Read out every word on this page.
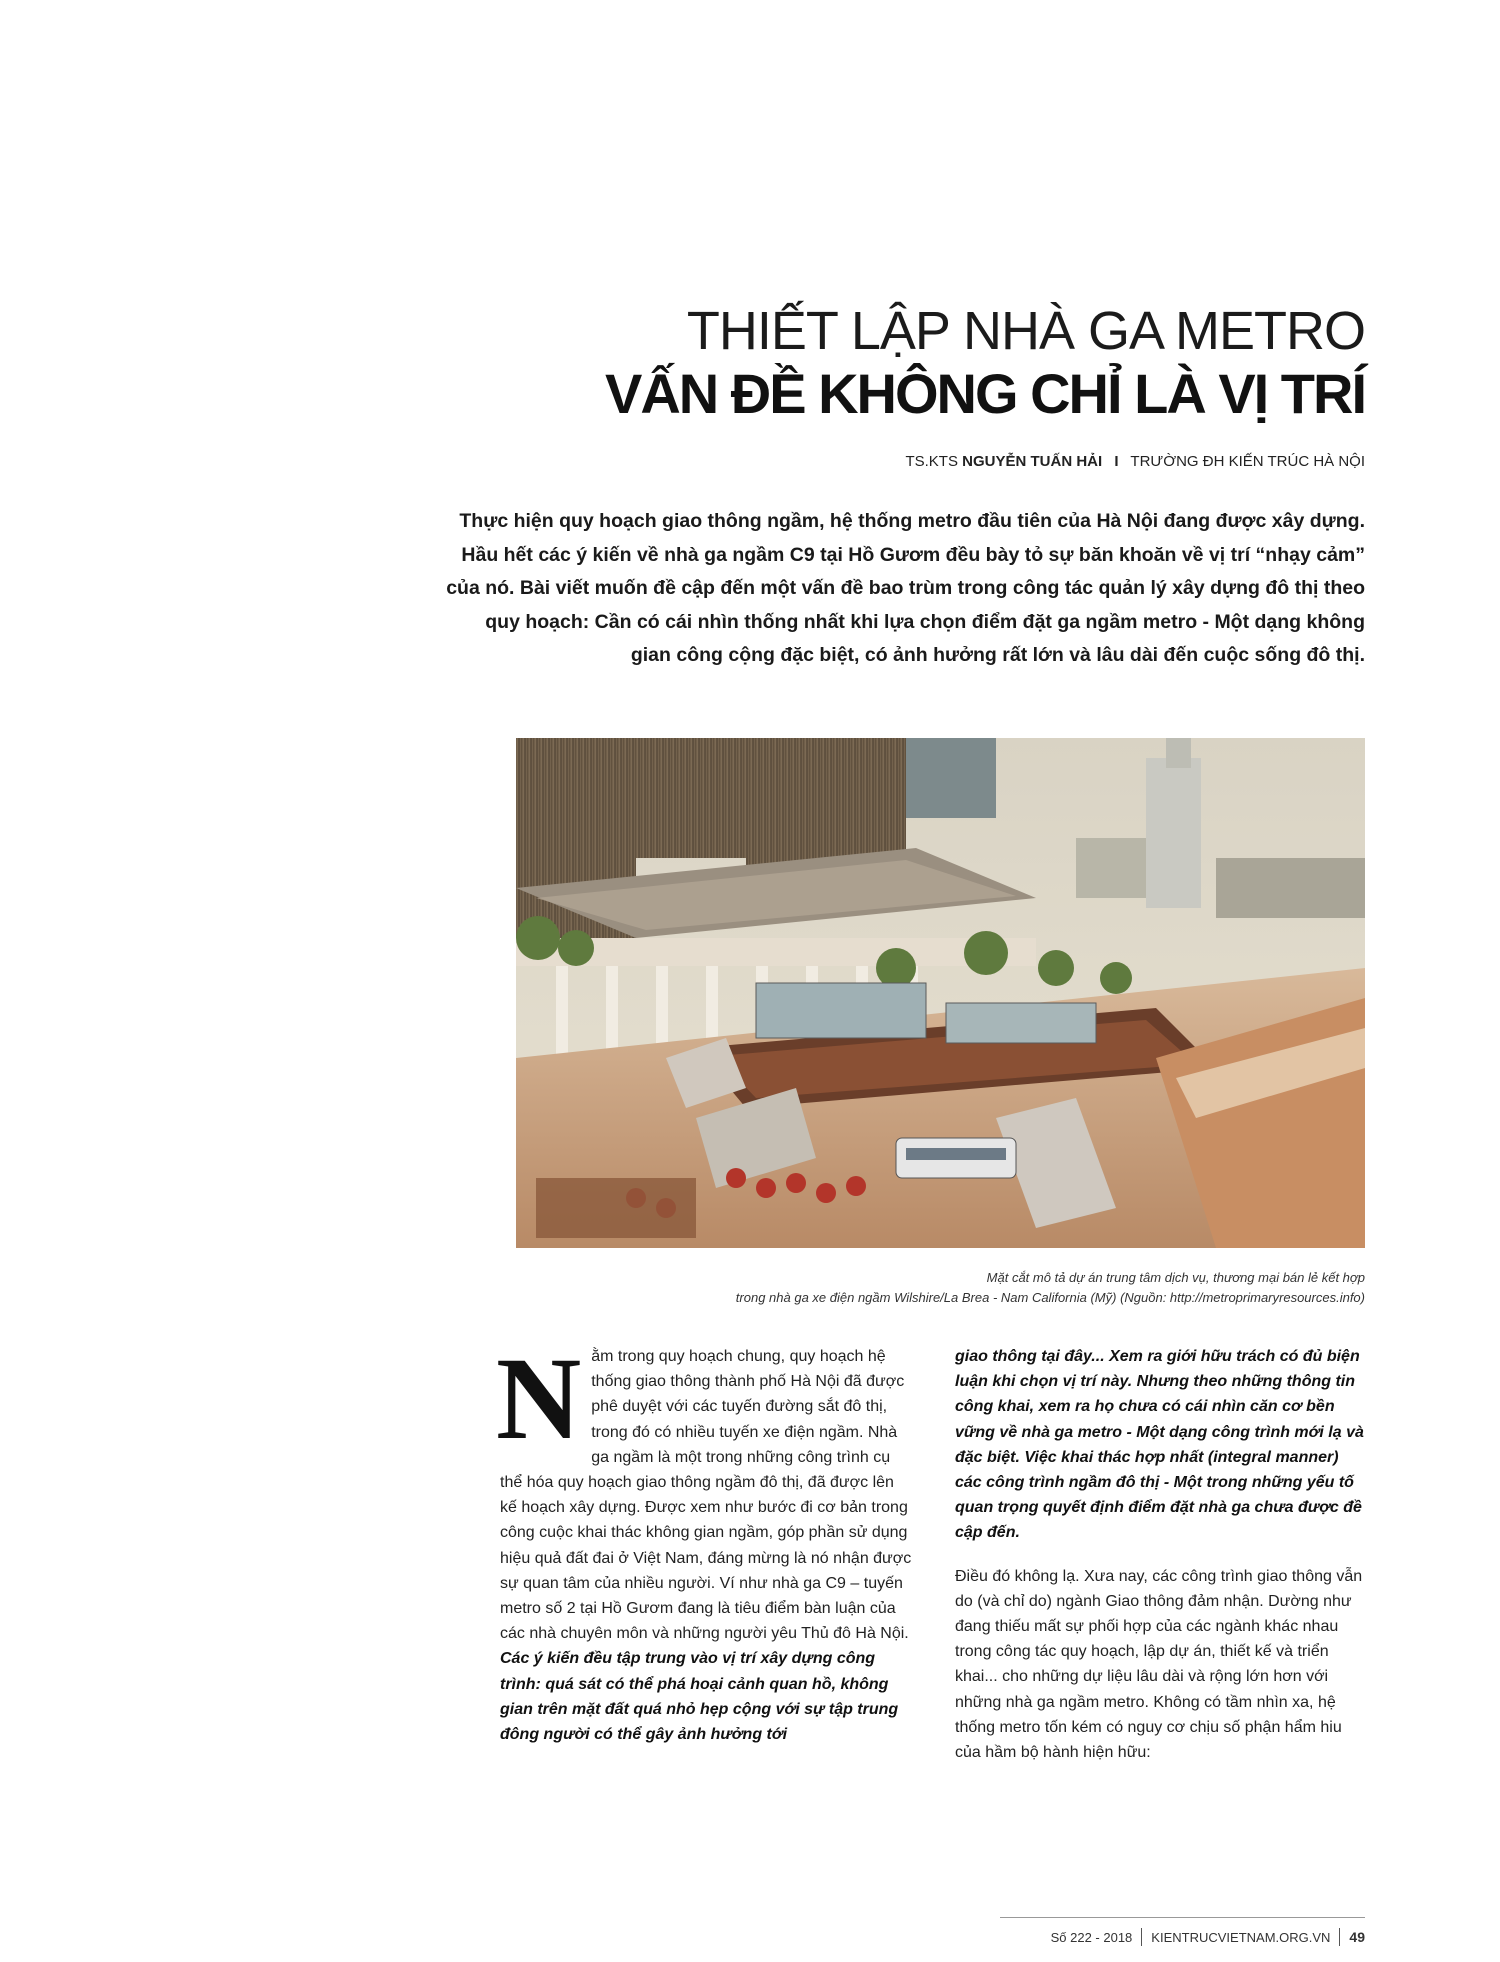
THIẾT LẬP NHÀ GA METRO
VẤN ĐỀ KHÔNG CHỈ LÀ VỊ TRÍ
TS.KTS NGUYỄN TUẤN HẢI I TRƯỜNG ĐH KIẾN TRÚC HÀ NỘI
Thực hiện quy hoạch giao thông ngầm, hệ thống metro đầu tiên của Hà Nội đang được xây dựng. Hầu hết các ý kiến về nhà ga ngầm C9 tại Hồ Gươm đều bày tỏ sự băn khoăn về vị trí “nhạy cảm” của nó. Bài viết muốn đề cập đến một vấn đề bao trùm trong công tác quản lý xây dựng đô thị theo quy hoạch: Cần có cái nhìn thống nhất khi lựa chọn điểm đặt ga ngầm metro - Một dạng không gian công cộng đặc biệt, có ảnh hưởng rất lớn và lâu dài đến cuộc sống đô thị.
Mặt cắt mô tả dự án trung tâm dịch vụ, thương mại bán lẻ kết hợp
trong nhà ga xe điện ngầm Wilshire/La Brea - Nam California (Mỹ) (Nguồn: http://metroprimaryresources.info)

Nằm trong quy hoạch chung, quy hoạch hệ thống giao thông thành phố Hà Nội đã được phê duyệt với các tuyến đường sắt đô thị, trong đó có nhiều tuyến xe điện ngầm. Nhà ga ngầm là một trong những công trình cụ thể hóa quy hoạch giao thông ngầm đô thị, đã được lên kế hoạch xây dựng. Được xem như bước đi cơ bản trong công cuộc khai thác không gian ngầm, góp phần sử dụng hiệu quả đất đai ở Việt Nam, đáng mừng là nó nhận được sự quan tâm của nhiều người. Ví như nhà ga C9 – tuyến metro số 2 tại Hồ Gươm đang là tiêu điểm bàn luận của các nhà chuyên môn và những người yêu Thủ đô Hà Nội. Các ý kiến đều tập trung vào vị trí xây dựng công trình: quá sát có thể phá hoại cảnh quan hồ, không gian trên mặt đất quá nhỏ hẹp cộng với sự tập trung đông người có thể gây ảnh hưởng tới

giao thông tại đây... Xem ra giới hữu trách có đủ biện luận khi chọn vị trí này. Nhưng theo những thông tin công khai, xem ra họ chưa có cái nhìn căn cơ bền vững về nhà ga metro - Một dạng công trình mới lạ và đặc biệt. Việc khai thác hợp nhất (integral manner) các công trình ngầm đô thị - Một trong những yếu tố quan trọng quyết định điểm đặt nhà ga chưa được đề cập đến.

Điều đó không lạ. Xưa nay, các công trình giao thông vẫn do (và chỉ do) ngành Giao thông đảm nhận. Dường như đang thiếu mất sự phối hợp của các ngành khác nhau trong công tác quy hoạch, lập dự án, thiết kế và triển khai... cho những dự liệu lâu dài và rộng lớn hơn với những nhà ga ngầm metro. Không có tầm nhìn xa, hệ thống metro tốn kém có nguy cơ chịu số phận hẩm hiu của hầm bộ hành hiện hữu:

Số 222 - 2018 KIENTRUCVIETNAM.ORG.VN 49
